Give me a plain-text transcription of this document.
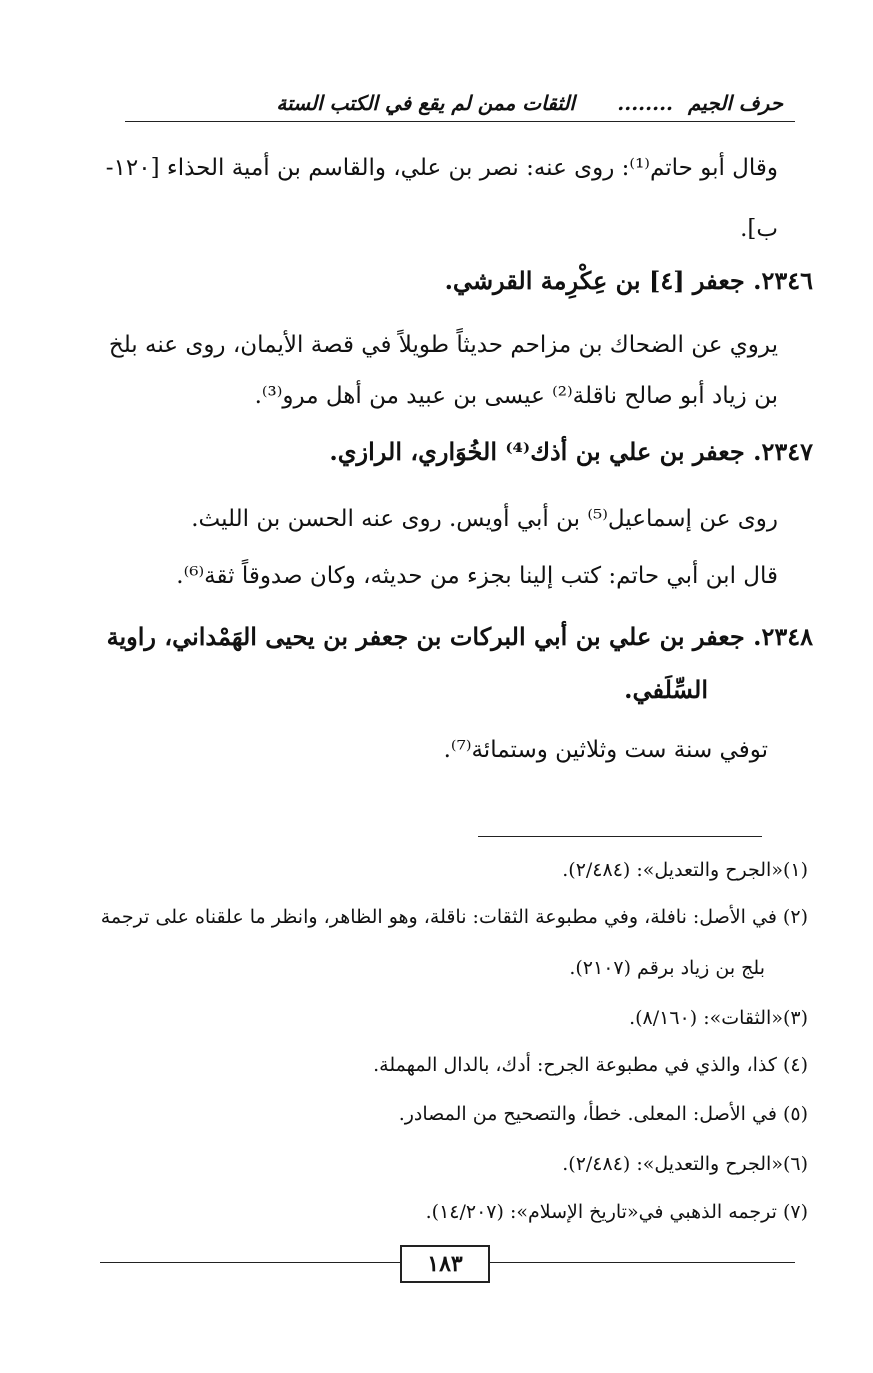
حرف الجيم
........
الثقات ممن لم يقع في الكتب الستة
وقال أبو حاتم⁽¹⁾: روى عنه: نصر بن علي، والقاسم بن أمية الحذاء [١٢٠-
ب].
٢٣٤٦. جعفر [٤] بن عِكْرِمة القرشي.
يروي عن الضحاك بن مزاحم حديثاً طويلاً في قصة الأيمان، روى عنه بلخ
بن زياد أبو صالح ناقلة⁽²⁾ عيسى بن عبيد من أهل مرو⁽³⁾.
٢٣٤٧. جعفر بن علي بن أذك⁽⁴⁾ الخُوَاري، الرازي.
روى عن إسماعيل⁽⁵⁾ بن أبي أويس. روى عنه الحسن بن الليث.
قال ابن أبي حاتم: كتب إلينا بجزء من حديثه، وكان صدوقاً ثقة⁽⁶⁾.
٢٣٤٨. جعفر بن علي بن أبي البركات بن جعفر بن يحيى الهَمْداني، راوية
السِّلَفي.
توفي سنة ست وثلاثين وستمائة⁽⁷⁾.
(١)«الجرح والتعديل»: (٢/٤٨٤).
(٢) في الأصل: نافلة، وفي مطبوعة الثقات: ناقلة، وهو الظاهر، وانظر ما علقناه على ترجمة
بلج بن زياد برقم (٢١٠٧).
(٣)«الثقات»: (٨/١٦٠).
(٤) كذا، والذي في مطبوعة الجرح: أدك، بالدال المهملة.
(٥) في الأصل: المعلى. خطأ، والتصحيح من المصادر.
(٦)«الجرح والتعديل»: (٢/٤٨٤).
(٧) ترجمه الذهبي في«تاريخ الإسلام»: (١٤/٢٠٧).
١٨٣
